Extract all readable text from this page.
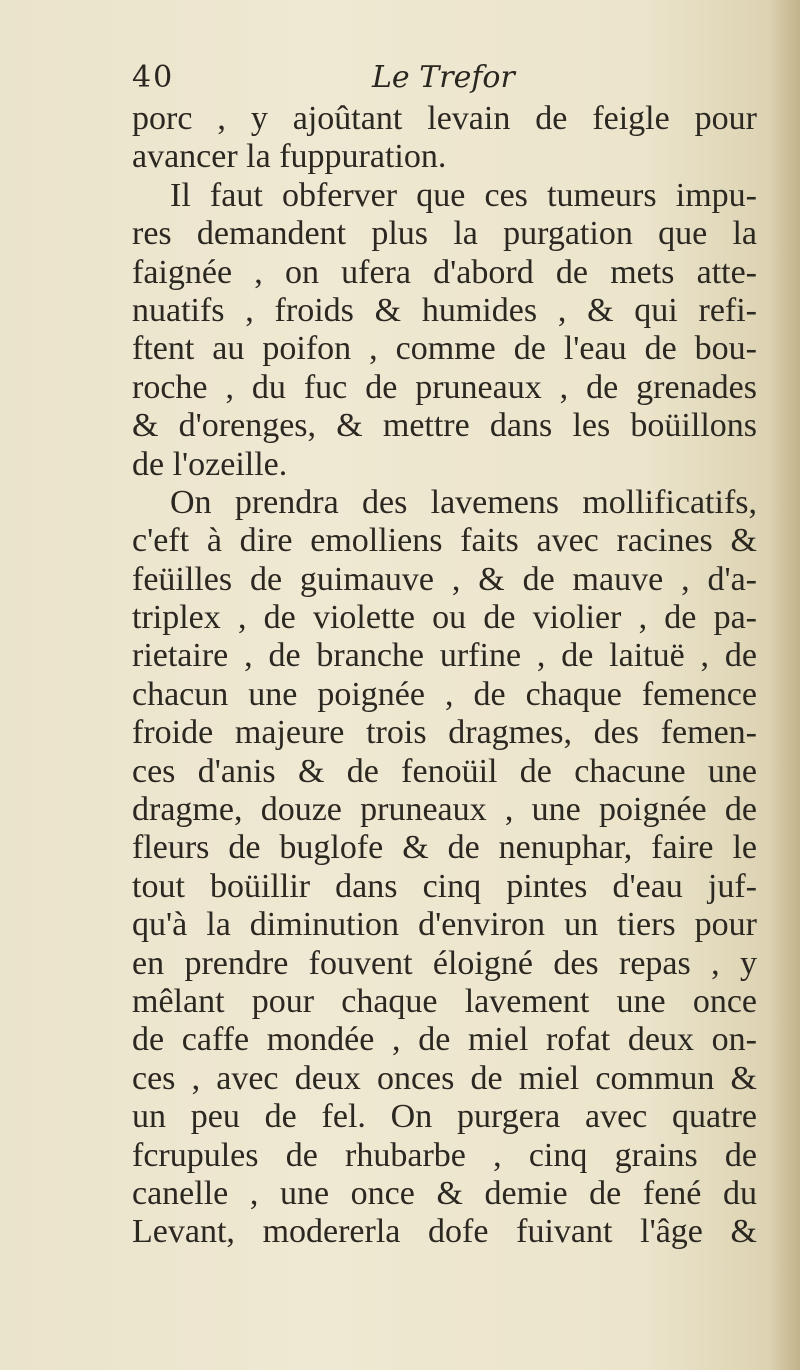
40	Le Trefor
porc , y ajoûtant levain de feigle pour
avancer la fuppuration.
Il faut obferver que ces tumeurs impu-
res demandent plus la purgation que la
faignée , on ufera d'abord de mets atte-
nuatifs , froids & humides , & qui refi-
ftent au poifon , comme de l'eau de bou-
roche , du fuc de pruneaux , de grenades
& d'orenges, & mettre dans les boüillons
de l'ozeille.
On prendra des lavemens mollificatifs,
c'eft à dire emolliens faits avec racines &
feüilles de guimauve , & de mauve , d'a-
triplex , de violette ou de violier , de pa-
rietaire , de branche urfine , de laituë , de
chacun une poignée , de chaque femence
froide majeure trois dragmes, des femen-
ces d'anis & de fenoüil de chacune une
dragme, douze pruneaux , une poignée de
fleurs de buglofe & de nenuphar, faire le
tout boüillir dans cinq pintes d'eau juf-
qu'à la diminution d'environ un tiers pour
en prendre fouvent éloigné des repas , y
mêlant pour chaque lavement une once
de caffe mondée , de miel rofat deux on-
ces , avec deux onces de miel commun &
un peu de fel. On purgera avec quatre
fcrupules de rhubarbe , cinq grains de
canelle , une once & demie de fené du
Levant, modererla dofe fuivant l'âge &
